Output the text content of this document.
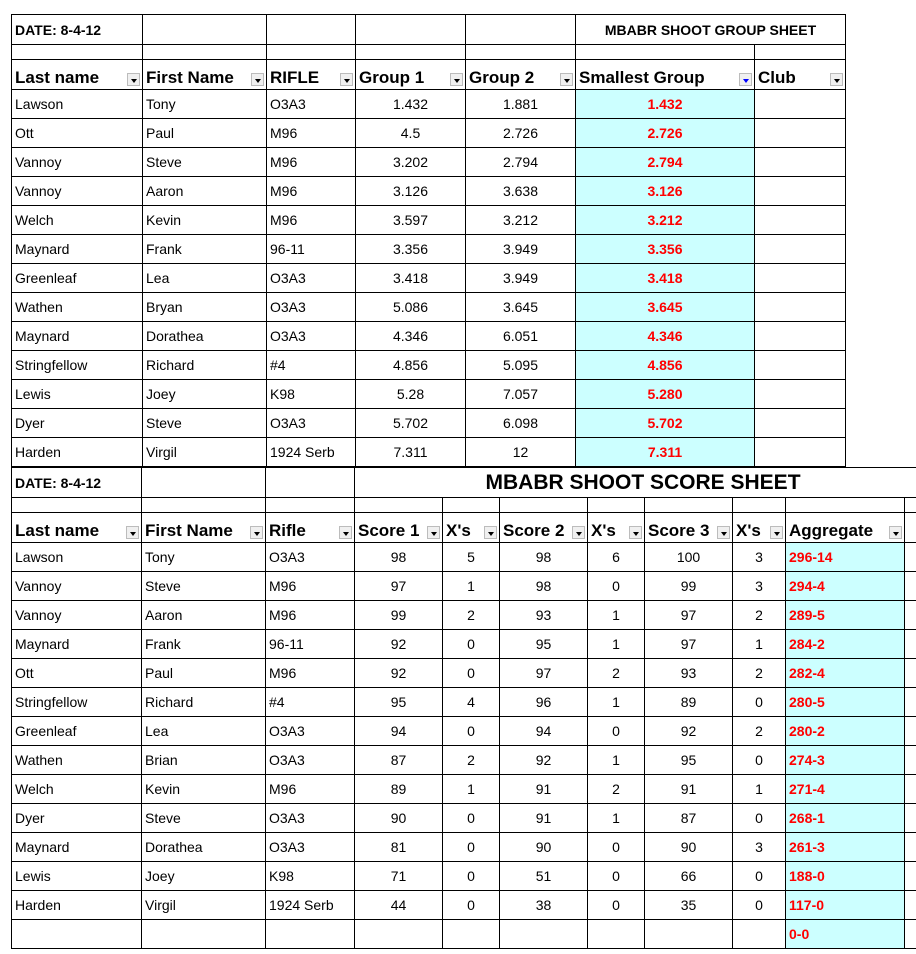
DATE: 8-4-12					MBABR SHOOT GROUP SHEET	

Last name	First Name	RIFLE	Group 1	Group 2	Smallest Group	Club

Lawson	Tony	O3A3	1.432	1.881	1.432	
Ott	Paul	M96	4.5	2.726	2.726	
Vannoy	Steve	M96	3.202	2.794	2.794	
Vannoy	Aaron	M96	3.126	3.638	3.126	
Welch	Kevin	M96	3.597	3.212	3.212	
Maynard	Frank	96-11	3.356	3.949	3.356	
Greenleaf	Lea	O3A3	3.418	3.949	3.418	
Wathen	Bryan	O3A3	5.086	3.645	3.645	
Maynard	Dorathea	O3A3	4.346	6.051	4.346	
Stringfellow	Richard	#4	4.856	5.095	4.856	
Lewis	Joey	K98	5.28	7.057	5.280	
Dyer	Steve	O3A3	5.702	6.098	5.702	
Harden	Virgil	1924 Serb	7.311	12	7.311	
DATE: 8-4-12			MBABR SHOOT SCORE SHEET							

Last name	First Name	Rifle	Score 1	X's	Score 2	X's	Score 3	X's	Aggregate

Lawson	Tony	O3A3	98	5	98	6	100	3	296-14	
Vannoy	Steve	M96	97	1	98	0	99	3	294-4	
Vannoy	Aaron	M96	99	2	93	1	97	2	289-5	
Maynard	Frank	96-11	92	0	95	1	97	1	284-2	
Ott	Paul	M96	92	0	97	2	93	2	282-4	
Stringfellow	Richard	#4	95	4	96	1	89	0	280-5	
Greenleaf	Lea	O3A3	94	0	94	0	92	2	280-2	
Wathen	Brian	O3A3	87	2	92	1	95	0	274-3	
Welch	Kevin	M96	89	1	91	2	91	1	271-4	
Dyer	Steve	O3A3	90	0	91	1	87	0	268-1	
Maynard	Dorathea	O3A3	81	0	90	0	90	3	261-3	
Lewis	Joey	K98	71	0	51	0	66	0	188-0	
Harden	Virgil	1924 Serb	44	0	38	0	35	0	117-0	
									0-0	
